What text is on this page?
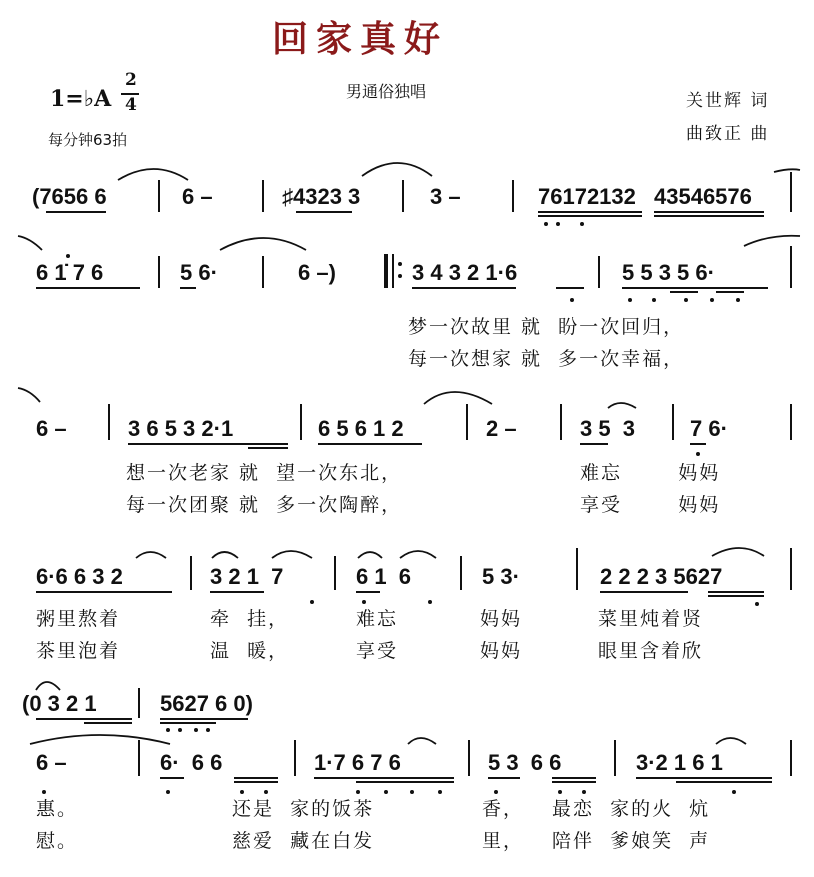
回家真好
男通俗独唱	关世辉 词
曲致正 曲
1=♭A
2
4
每分钟63拍
(7656 6	6 –	♯4323 3	3 –	76172132 43546576
6 1̇ 7 6	5 6·	6 –)	3 4 3 2 1·6	5 5 3 5 6·
梦一次故里 就  盼一次回归，
每一次想家 就  多一次幸福，
6 –	3 6 5 3 2·1	6 5 6 1 2	2 –	3 5  3 7 6·
想一次老家 就  望一次东北，	难忘       妈妈
每一次团聚 就  多一次陶醉，	享受       妈妈
6·6 6 3 2	3 2 1  7	6 1  6	5 3·	2 2 2 3 5627
粥里熬着	牵  挂，	难忘	妈妈	菜里炖着贤
茶里泡着	温  暖，	享受	妈妈	眼里含着欣
(0 3 2 1	5627 6 0)
6 –	6·  6 6	1·7 6 7 6	5 3  6 6	3·2 1 6 1
惠。	还是  家的饭茶	香， 最恋  家的火  炕
慰。	慈爱  藏在白发	里， 陪伴  爹娘笑  声
